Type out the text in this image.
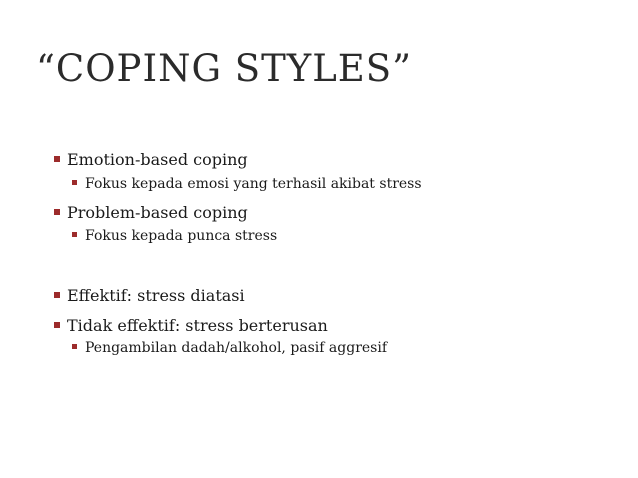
“COPING STYLES”
Emotion-based coping
Fokus kepada emosi yang terhasil akibat stress
Problem-based coping
Fokus kepada punca stress
Effektif: stress diatasi
Tidak effektif: stress berterusan
Pengambilan dadah/alkohol, pasif aggresif
